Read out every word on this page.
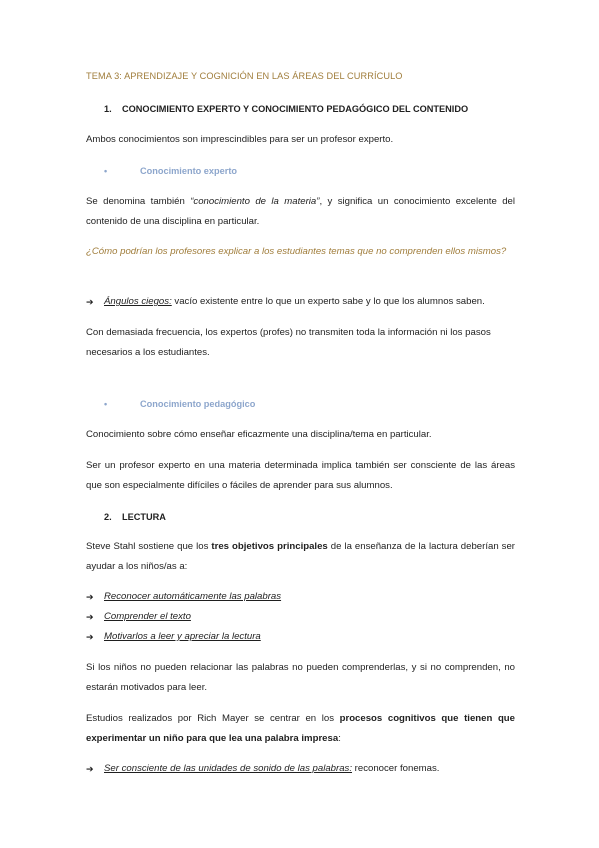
TEMA 3: APRENDIZAJE Y COGNICIÓN EN LAS ÁREAS DEL CURRÍCULO
1. CONOCIMIENTO EXPERTO Y CONOCIMIENTO PEDAGÓGICO DEL CONTENIDO
Ambos conocimientos son imprescindibles para ser un profesor experto.
•	Conocimiento experto
Se denomina también “conocimiento de la materia”, y significa un conocimiento excelente del contenido de una disciplina en particular.
¿Cómo podrían los profesores explicar a los estudiantes temas que no comprenden ellos mismos?
➔	Ángulos ciegos: vacío existente entre lo que un experto sabe y lo que los alumnos saben.
Con demasiada frecuencia, los expertos (profes) no transmiten toda la información ni los pasos necesarios a los estudiantes.
•	Conocimiento pedagógico
Conocimiento sobre cómo enseñar eficazmente una disciplina/tema en particular.
Ser un profesor experto en una materia determinada implica también ser consciente de las áreas que son especialmente difíciles o fáciles de aprender para sus alumnos.
2. LECTURA
Steve Stahl sostiene que los tres objetivos principales de la enseñanza de la lactura deberían ser ayudar a los niños/as a:
➔	Reconocer automáticamente las palabras
➔	Comprender el texto
➔	Motivarlos a leer y apreciar la lectura
Si los niños no pueden relacionar las palabras no pueden comprenderlas, y si no comprenden, no estarán motivados para leer.
Estudios realizados por Rich Mayer se centrar en los procesos cognitivos que tienen que experimentar un niño para que lea una palabra impresa:
➔	Ser consciente de las unidades de sonido de las palabras: reconocer fonemas.
